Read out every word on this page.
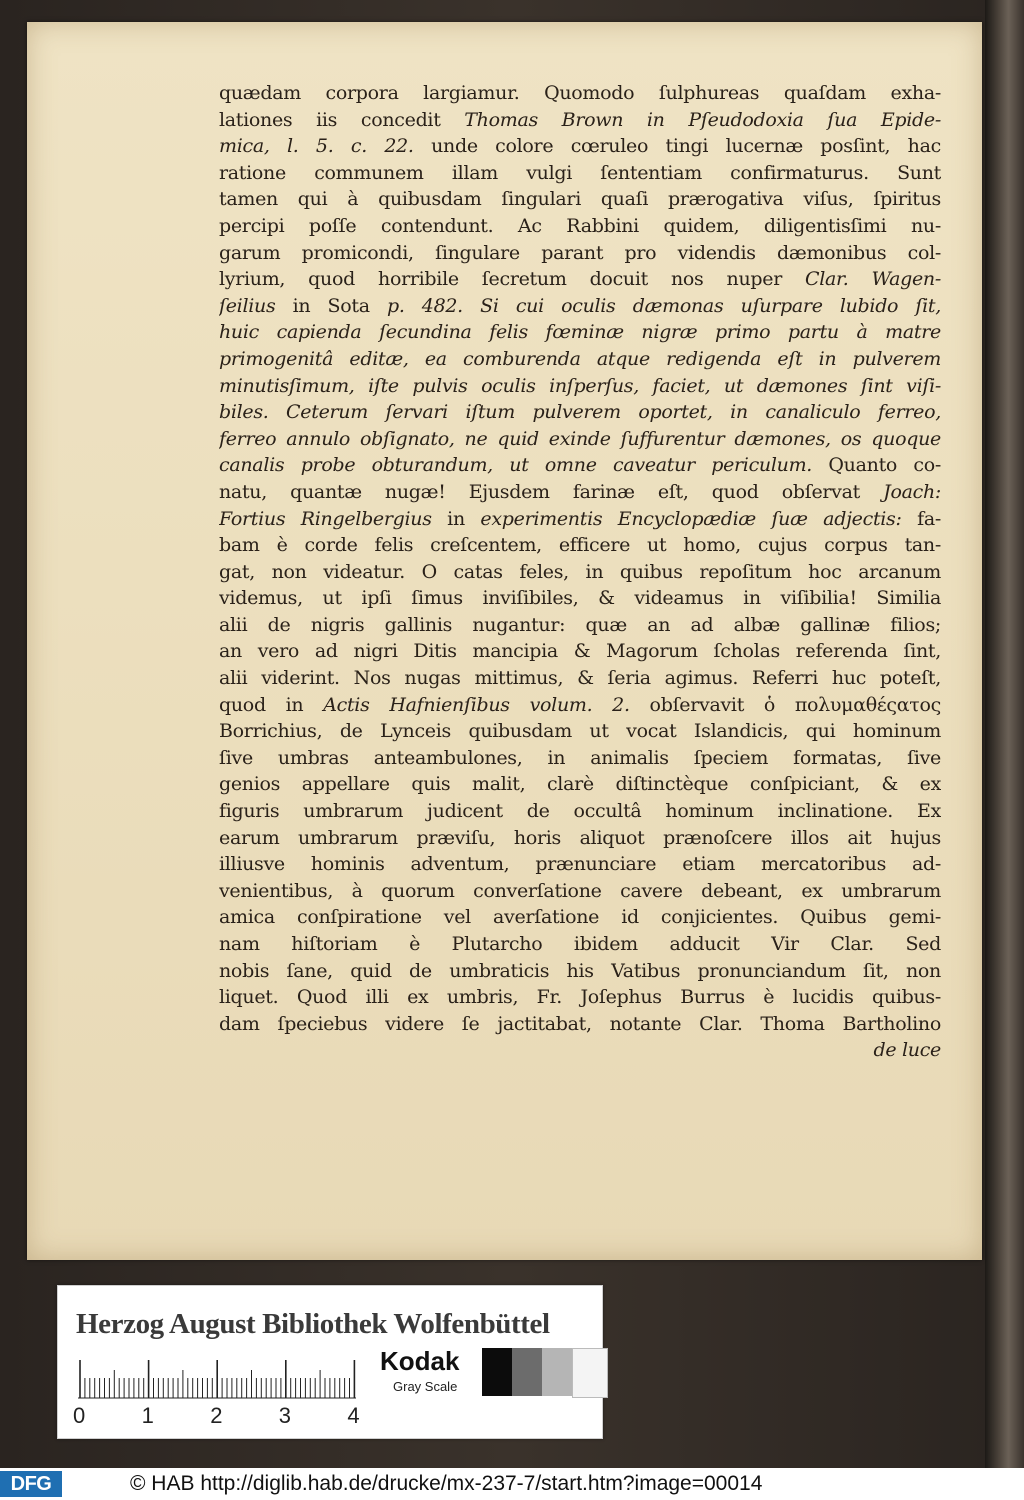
quædam corpora largiamur. Quomodo ſulphureas quaſdam exha-
lationes iis concedit Thomas Brown in Pſeudodoxia ſua Epide-
mica, l. 5. c. 22. unde colore cœruleo tingi lucernæ posſint, hac
ratione communem illam vulgi ſententiam confirmaturus. Sunt
tamen qui à quibusdam ſingulari quaſi prærogativa viſus, ſpiritus
percipi poſſe contendunt. Ac Rabbini quidem, diligentisſimi nu-
garum promicondi, ſingulare parant pro videndis dæmonibus col-
lyrium, quod horribile ſecretum docuit nos nuper Clar. Wagen-
ſeilius in Sota p. 482. Si cui oculis dæmonas uſurpare lubido ſit,
huic capienda ſecundina felis fœminæ nigræ primo partu à matre
primogenitâ editæ, ea comburenda atque redigenda eſt in pulverem
minutisſimum, iſte pulvis oculis inſperſus, faciet, ut dæmones ſint viſi-
biles. Ceterum ſervari iſtum pulverem oportet, in canaliculo ferreo,
ferreo annulo obſignato, ne quid exinde ſuffurentur dæmones, os quoque
canalis probe obturandum, ut omne caveatur periculum. Quanto co-
natu, quantæ nugæ! Ejusdem farinæ eſt, quod obſervat Joach:
Fortius Ringelbergius in experimentis Encyclopædiæ ſuæ adjectis: fa-
bam è corde felis creſcentem, efficere ut homo, cujus corpus tan-
gat, non videatur. O catas feles, in quibus repoſitum hoc arcanum
videmus, ut ipſi ſimus inviſibiles, & videamus in viſibilia! Similia
alii de nigris gallinis nugantur: quæ an ad albæ gallinæ filios;
an vero ad nigri Ditis mancipia & Magorum ſcholas referenda ſint,
alii viderint. Nos nugas mittimus, & ſeria agimus. Referri huc poteſt,
quod in Actis Hafnienſibus volum. 2. obſervavit ὁ πολυμαθέςατος
Borrichius, de Lynceis quibusdam ut vocat Islandicis, qui hominum
ſive umbras anteambulones, in animalis ſpeciem formatas, ſive
genios appellare quis malit, clarè diſtinctèque conſpiciant, & ex
figuris umbrarum judicent de occultâ hominum inclinatione. Ex
earum umbrarum præviſu, horis aliquot prænoſcere illos ait hujus
illiusve hominis adventum, prænunciare etiam mercatoribus ad-
venientibus, à quorum converſatione cavere debeant, ex umbrarum
amica conſpiratione vel averſatione id conjicientes. Quibus gemi-
nam hiſtoriam è Plutarcho ibidem adducit Vir Clar. Sed
nobis ſane, quid de umbraticis his Vatibus pronunciandum ſit, non
liquet. Quod illi ex umbris, Fr. Joſephus Burrus è lucidis quibus-
dam ſpeciebus videre ſe jactitabat, notante Clar. Thoma Bartholino
de luce
Herzog August Bibliothek Wolfenbüttel
Kodak
Gray Scale
0	1	2	3	4
DFG	© HAB http://diglib.hab.de/drucke/mx-237-7/start.htm?image=00014
